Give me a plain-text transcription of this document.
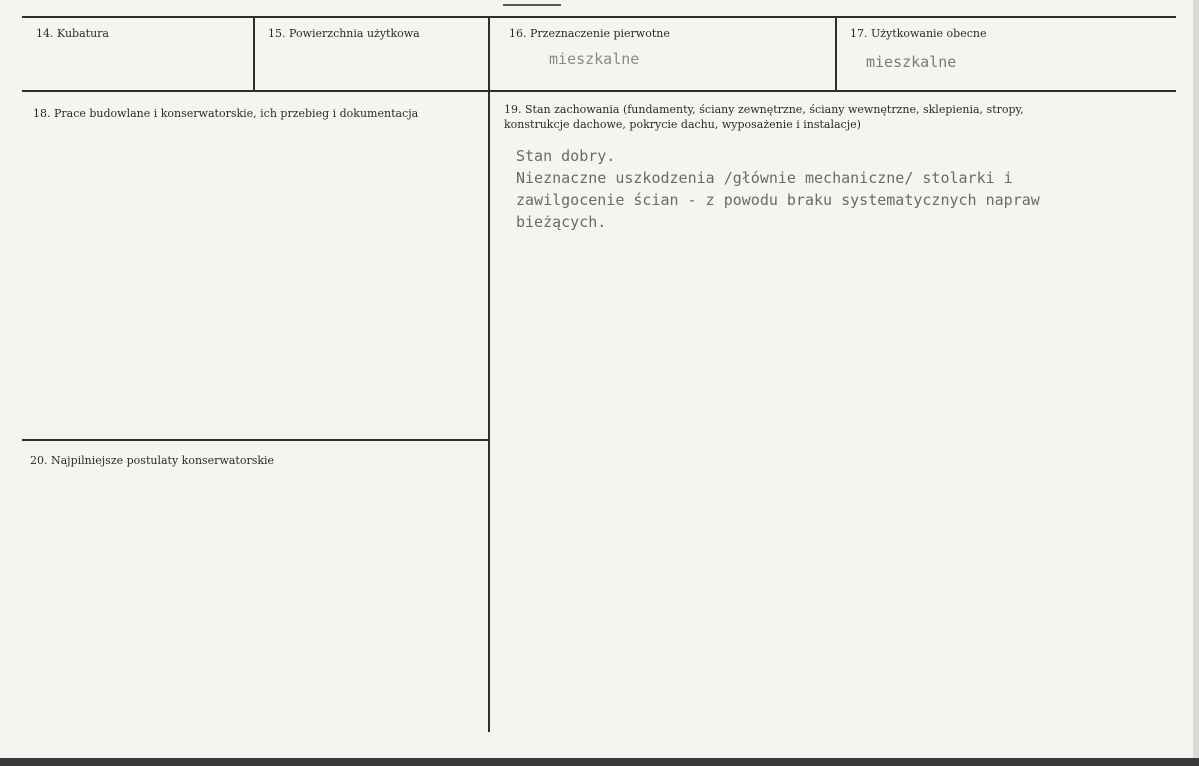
14. Kubatura	15. Powierzchnia użytkowa	16. Przeznaczenie pierwotne
mieszkalne
17. Użytkowanie obecne
mieszkalne
18. Prace budowlane i konserwatorskie, ich przebieg i dokumentacja	19. Stan zachowania (fundamenty, ściany zewnętrzne, ściany wewnętrzne, sklepienia, stropy, konstrukcje dachowe, pokrycie dachu, wyposażenie i instalacje)
Stan dobry.
Nieznaczne uszkodzenia /głównie mechaniczne/ stolarki i
zawilgocenie ścian - z powodu braku systematycznych napraw
bieżących.
20. Najpilniejsze postulaty konserwatorskie
